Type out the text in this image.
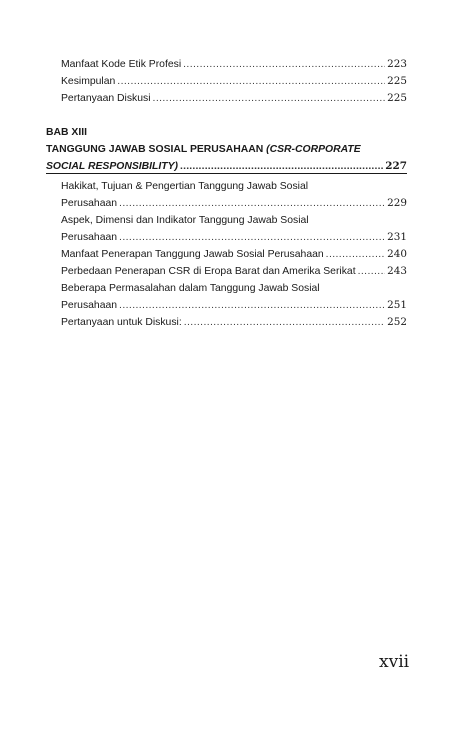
Manfaat Kode Etik Profesi .....	223
Kesimpulan .....	225
Pertanyaan Diskusi .....	225
BAB XIII
TANGGUNG JAWAB SOSIAL PERUSAHAAN (CSR-CORPORATE
SOCIAL RESPONSIBILITY) .....	227
Hakikat, Tujuan & Pengertian Tanggung Jawab Sosial
Perusahaan .....	229
Aspek, Dimensi dan Indikator Tanggung Jawab Sosial
Perusahaan .....	231
Manfaat Penerapan Tanggung Jawab Sosial Perusahaan .....	240
Perbedaan Penerapan CSR di Eropa Barat dan Amerika Serikat .....	243
Beberapa Permasalahan dalam Tanggung Jawab Sosial
Perusahaan .....	251
Pertanyaan untuk Diskusi: .....	252
xvii
